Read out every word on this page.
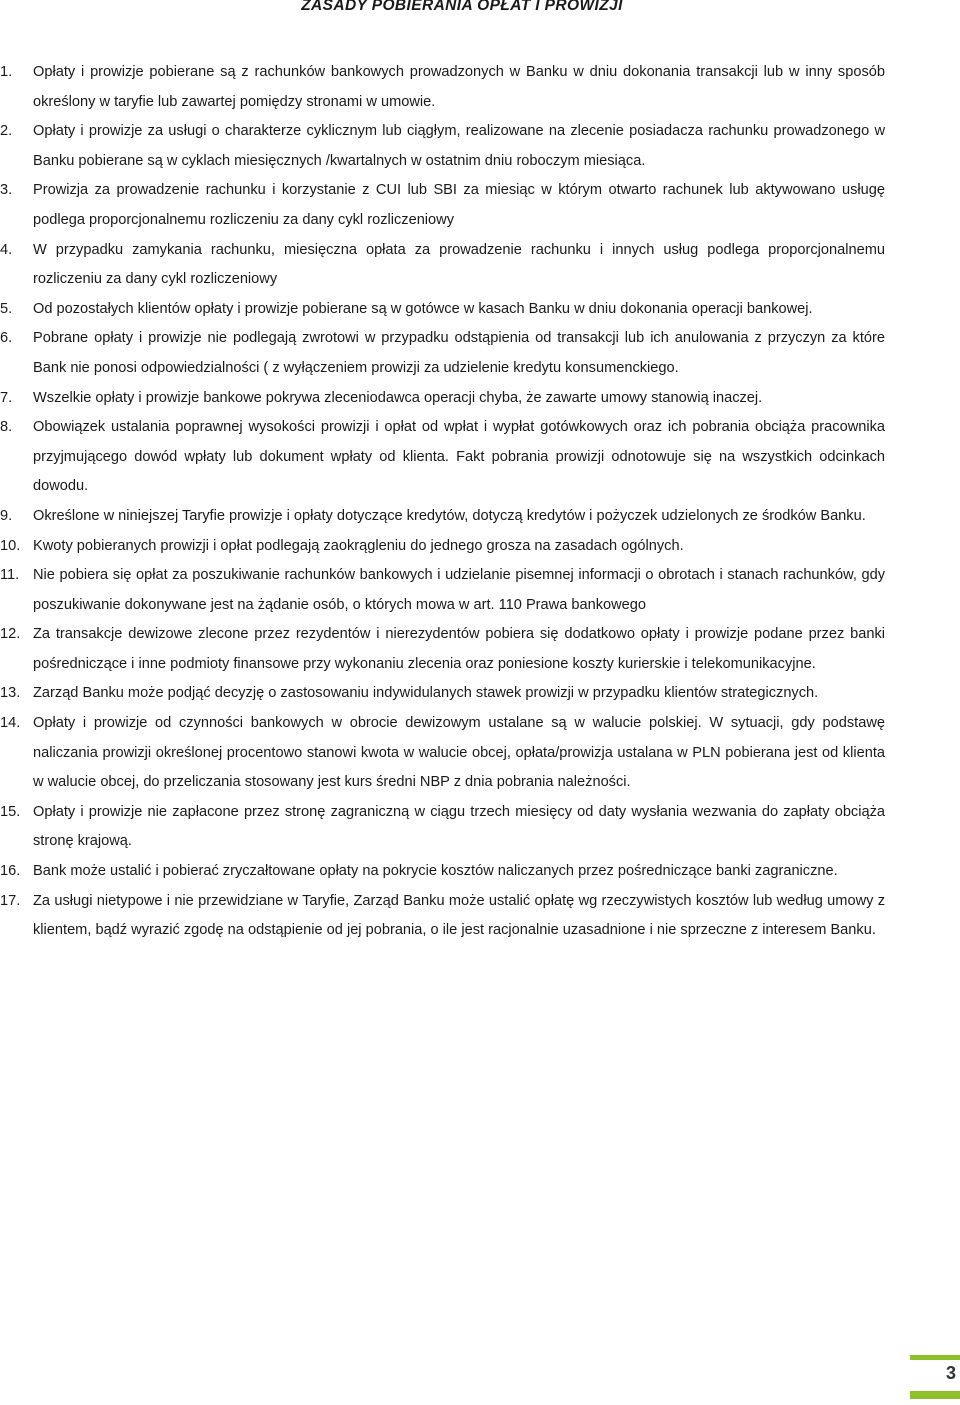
ZASADY POBIERANIA OPŁAT I PROWIZJI
1. Opłaty i prowizje pobierane są z rachunków bankowych prowadzonych w Banku w dniu dokonania transakcji lub w inny sposób określony w taryfie lub zawartej pomiędzy stronami w umowie.
2. Opłaty i prowizje za usługi o charakterze cyklicznym lub ciągłym, realizowane na zlecenie posiadacza rachunku prowadzonego w Banku pobierane są w cyklach miesięcznych /kwartalnych w ostatnim dniu roboczym miesiąca.
3. Prowizja za prowadzenie rachunku i korzystanie z CUI lub SBI za miesiąc w którym otwarto rachunek lub aktywowano usługę podlega proporcjonalnemu rozliczeniu za dany cykl rozliczeniowy
4. W przypadku zamykania rachunku, miesięczna opłata za prowadzenie rachunku i innych usług podlega proporcjonalnemu rozliczeniu za dany cykl rozliczeniowy
5. Od pozostałych klientów opłaty i prowizje pobierane są w gotówce w kasach Banku w dniu dokonania operacji bankowej.
6. Pobrane opłaty i prowizje nie podlegają zwrotowi w przypadku odstąpienia od transakcji lub ich anulowania z przyczyn za które Bank nie ponosi odpowiedzialności ( z wyłączeniem prowizji za udzielenie kredytu konsumenckiego.
7. Wszelkie opłaty i prowizje bankowe pokrywa zleceniodawca operacji chyba, że zawarte umowy stanowią inaczej.
8. Obowiązek ustalania poprawnej wysokości prowizji i opłat od wpłat i wypłat gotówkowych oraz ich pobrania obciąża pracownika przyjmującego dowód wpłaty lub dokument wpłaty od klienta. Fakt pobrania prowizji odnotowuje się na wszystkich odcinkach dowodu.
9. Określone w niniejszej Taryfie prowizje i opłaty dotyczące kredytów, dotyczą kredytów i pożyczek udzielonych ze środków Banku.
10. Kwoty pobieranych prowizji i opłat podlegają zaokrągleniu do jednego grosza na zasadach ogólnych.
11. Nie pobiera się opłat za poszukiwanie rachunków bankowych i udzielanie pisemnej informacji o obrotach i stanach rachunków, gdy poszukiwanie dokonywane jest na żądanie osób, o których mowa w art. 110 Prawa bankowego
12. Za transakcje dewizowe zlecone przez rezydentów i nierezydentów pobiera się dodatkowo opłaty i prowizje podane przez banki pośredniczące i inne podmioty finansowe przy wykonaniu zlecenia oraz poniesione koszty kurierskie i telekomunikacyjne.
13. Zarząd Banku może podjąć decyzję o zastosowaniu indywidulanych stawek prowizji w przypadku klientów strategicznych.
14. Opłaty i prowizje od czynności bankowych w obrocie dewizowym ustalane są w walucie polskiej. W sytuacji, gdy podstawę naliczania prowizji określonej procentowo stanowi kwota w walucie obcej, opłata/prowizja ustalana w PLN pobierana jest od klienta w walucie obcej, do przeliczania stosowany jest kurs średni NBP z dnia pobrania należności.
15. Opłaty i prowizje nie zapłacone przez stronę zagraniczną w ciągu trzech miesięcy od daty wysłania wezwania do zapłaty obciąża stronę krajową.
16. Bank może ustalić i pobierać zryczałtowane opłaty na pokrycie kosztów naliczanych przez pośredniczące banki zagraniczne.
17. Za usługi nietypowe i nie przewidziane w Taryfie, Zarząd Banku może ustalić opłatę wg rzeczywistych kosztów lub według umowy z klientem, bądź wyrazić zgodę na odstąpienie od jej pobrania, o ile jest racjonalnie uzasadnione i nie sprzeczne z interesem Banku.
3
